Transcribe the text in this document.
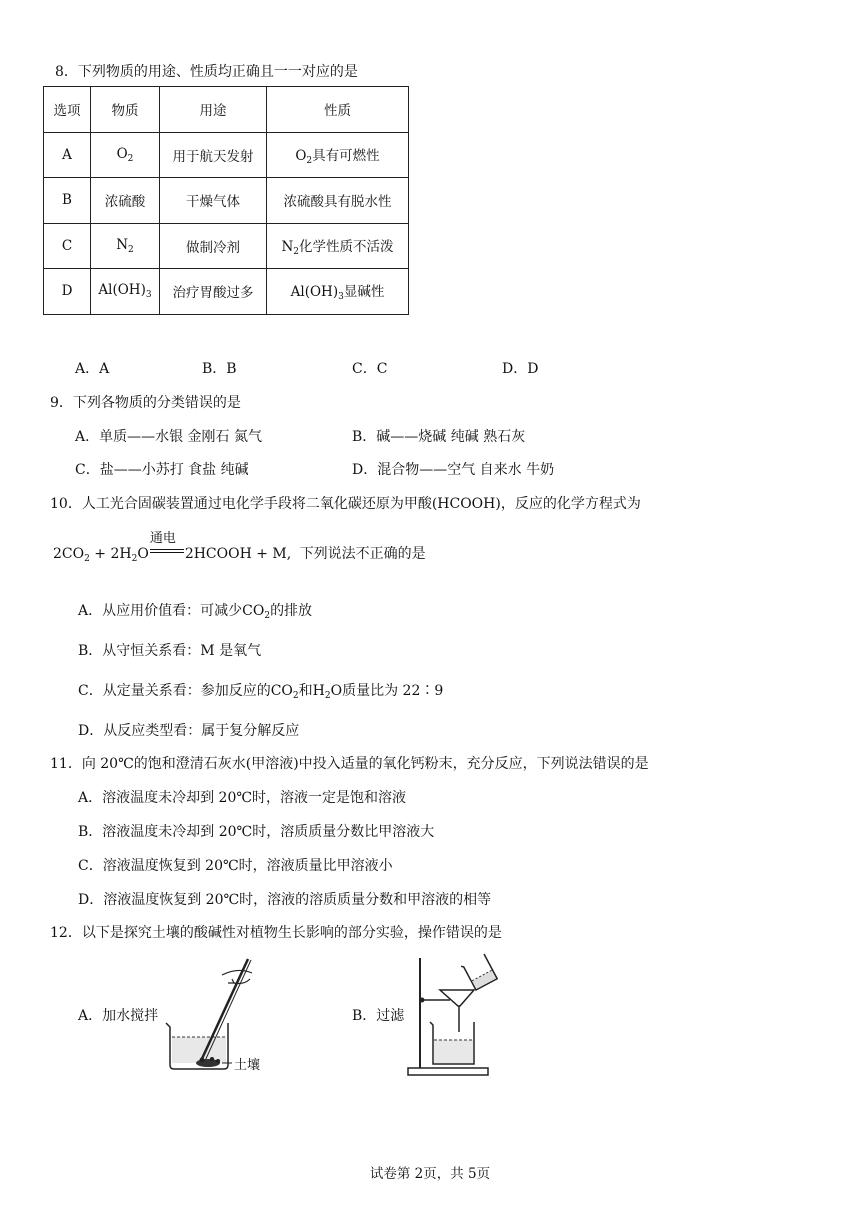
8．下列物质的用途、性质均正确且一一对应的是
选项	物质	用途	性质
A	$O_2$	用于航天发射	$O_2$具有可燃性
B	浓硫酸	干燥气体	浓硫酸具有脱水性
C	$N_2$	做制冷剂	$N_2$化学性质不活泼
D	$Al(OH)_3$	治疗胃酸过多	$Al(OH)_3$显碱性
A．A	B．B	C．C	D．D
9．下列各物质的分类错误的是
A．单质——水银 金刚石 氮气	B．碱——烧碱 纯碱 熟石灰
C．盐——小苏打 食盐 纯碱	D．混合物——空气 自来水 牛奶
10．人工光合固碳装置通过电化学手段将二氧化碳还原为甲酸(HCOOH)，反应的化学方程式为
$2CO_2 + 2H_2O$
通电
2HCOOH + M, 下列说法不正确的是
A．从应用价值看：可减少$CO_2$的排放
B．从守恒关系看：M 是氧气
C．从定量关系看：参加反应的$CO_2$和$H_2O$质量比为 22∶9
D．从反应类型看：属于复分解反应
11．向 20℃的饱和澄清石灰水(甲溶液)中投入适量的氧化钙粉末，充分反应，下列说法错误的是
A．溶液温度未冷却到 20℃时，溶液一定是饱和溶液
B．溶液温度未冷却到 20℃时，溶质质量分数比甲溶液大
C．溶液温度恢复到 20℃时，溶液质量比甲溶液小
D．溶液温度恢复到 20℃时，溶液的溶质质量分数和甲溶液的相等
12．以下是探究土壤的酸碱性对植物生长影响的部分实验，操作错误的是
A．加水搅拌	B．过滤
土壤
试卷第 2页，共 5页
